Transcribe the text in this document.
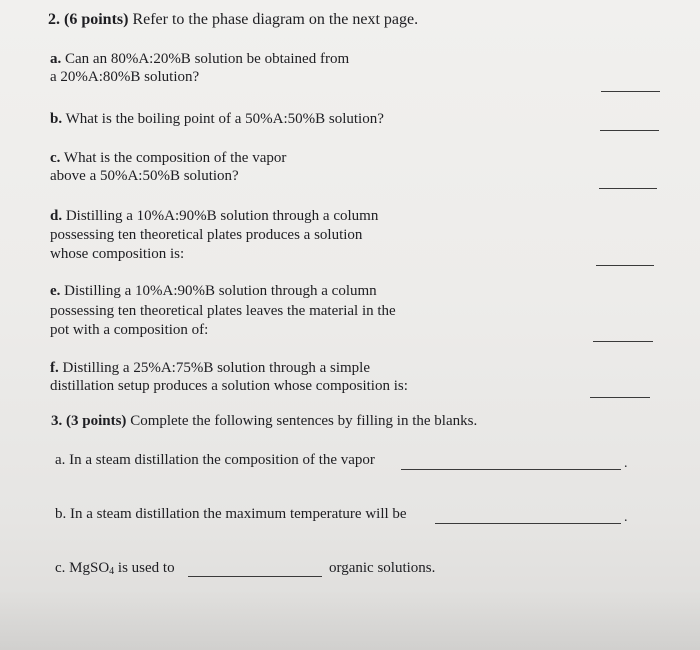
2. (6 points) Refer to the phase diagram on the next page.
a. Can an 80%A:20%B solution be obtained from
a 20%A:80%B solution?
b. What is the boiling point of a 50%A:50%B solution?
c. What is the composition of the vapor
above a 50%A:50%B solution?
d. Distilling a 10%A:90%B solution through a column
possessing ten theoretical plates produces a solution
whose composition is:
e. Distilling a 10%A:90%B solution through a column
possessing ten theoretical plates leaves the material in the
pot with a composition of:
f. Distilling a 25%A:75%B solution through a simple
distillation setup produces a solution whose composition is:
3. (3 points) Complete the following sentences by filling in the blanks.
a. In a steam distillation the composition of the vapor	.
b. In a steam distillation the maximum temperature will be	.
c. MgSO$_4$ is used to	organic solutions.
